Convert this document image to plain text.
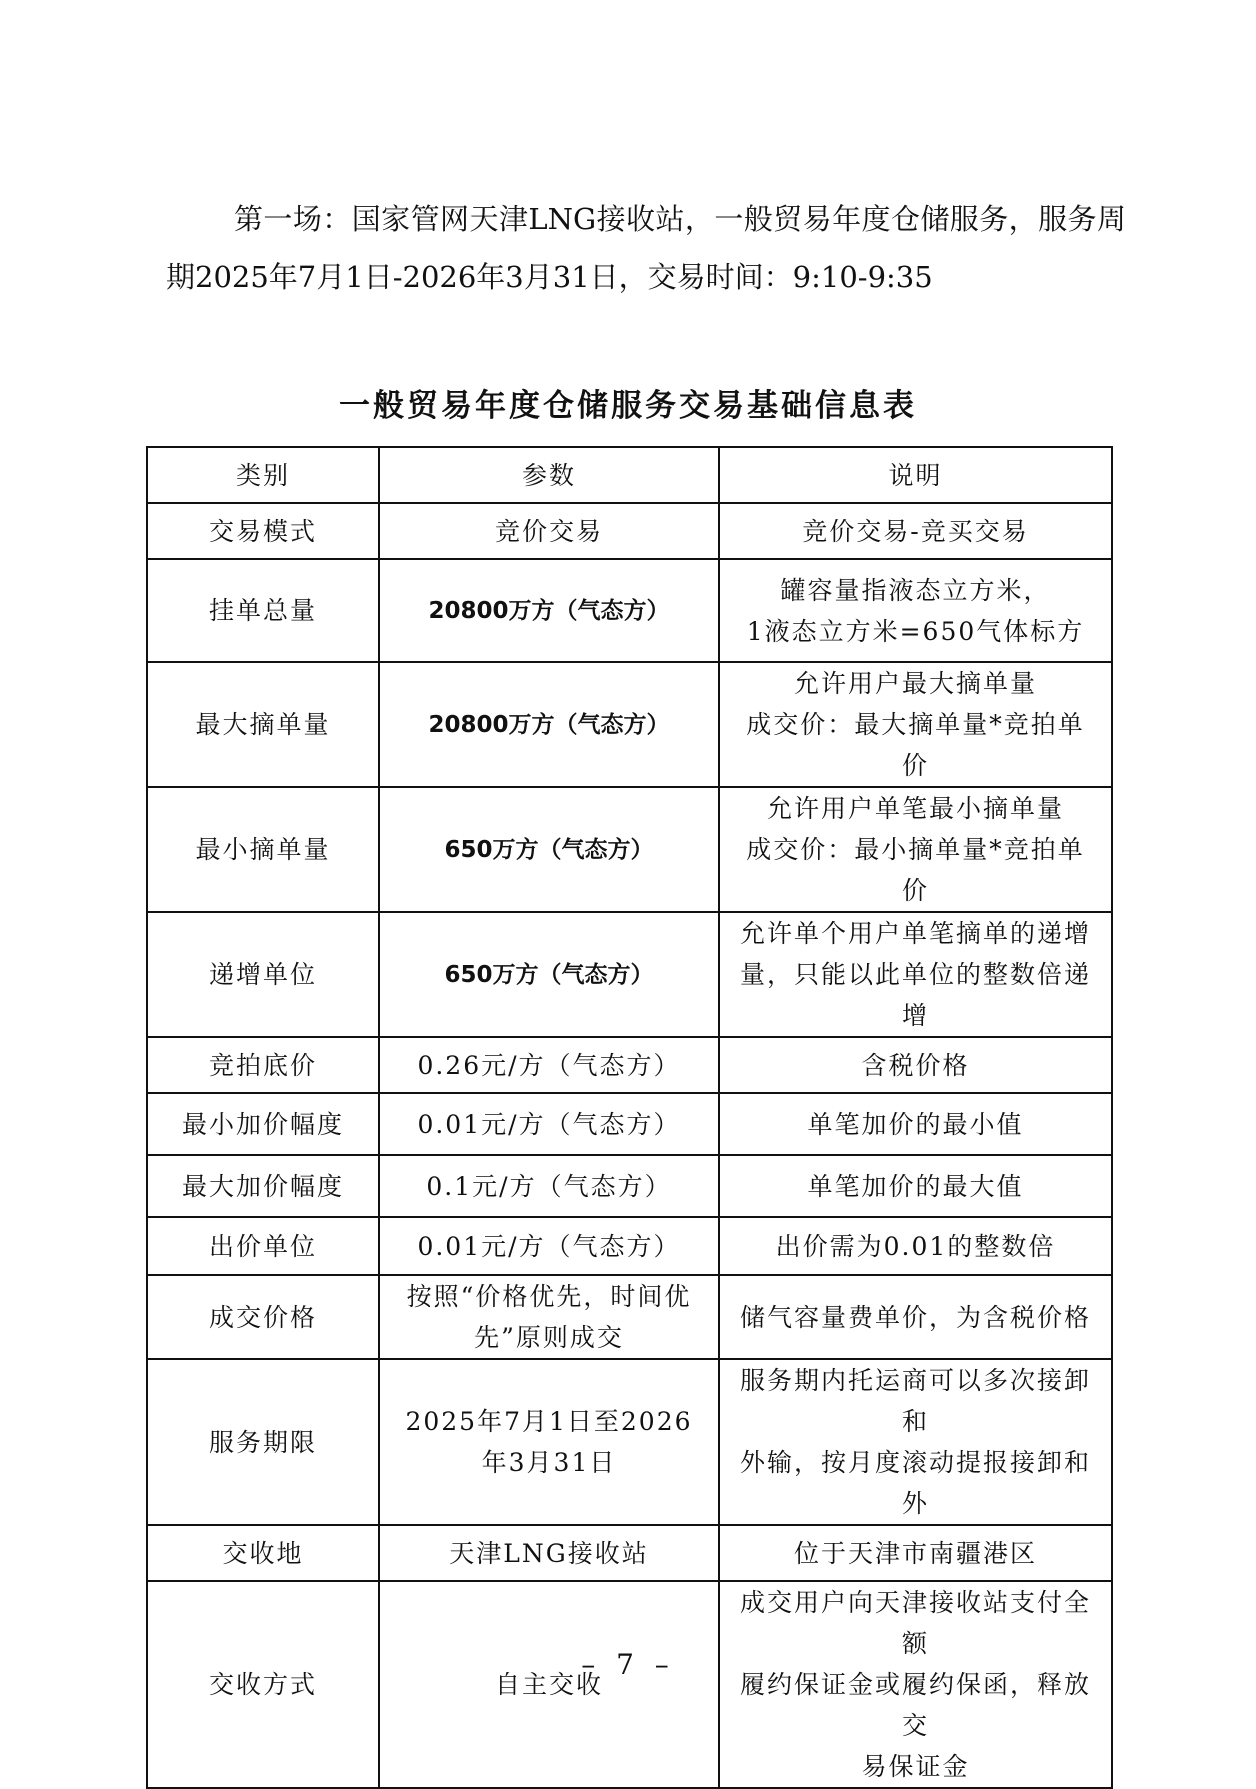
第一场：国家管网天津LNG接收站，一般贸易年度仓储服务，服务周期2025年7月1日-2026年3月31日，交易时间：9:10-9:35

一般贸易年度仓储服务交易基础信息表
类别	参数	说明
交易模式	竞价交易	竞价交易-竞买交易

挂单总量	20800万方（气态方）	罐容量指液态立方米，
1液态立方米=650气体标方

最大摘单量	20800万方（气态方）	允许用户最大摘单量
成交价：最大摘单量*竞拍单价

最小摘单量	650万方（气态方）	允许用户单笔最小摘单量
成交价：最小摘单量*竞拍单价

递增单位	650万方（气态方）	允许单个用户单笔摘单的递增
量，只能以此单位的整数倍递增

竞拍底价	0.26元/方（气态方）	含税价格

最小加价幅度	0.01元/方（气态方）	单笔加价的最小值

最大加价幅度	0.1元/方（气态方）	单笔加价的最大值

出价单位	0.01元/方（气态方）	出价需为0.01的整数倍

成交价格	按照“价格优先，时间优先”原则成交	储气容量费单价，为含税价格

服务期限	2025年7月1日至2026年3月31日	服务期内托运商可以多次接卸和
外输，按月度滚动提报接卸和外

交收地	天津LNG接收站	位于天津市南疆港区

交收方式	自主交收	成交用户向天津接收站支付全额
履约保证金或履约保函，释放交
易保证金

– 7 –
